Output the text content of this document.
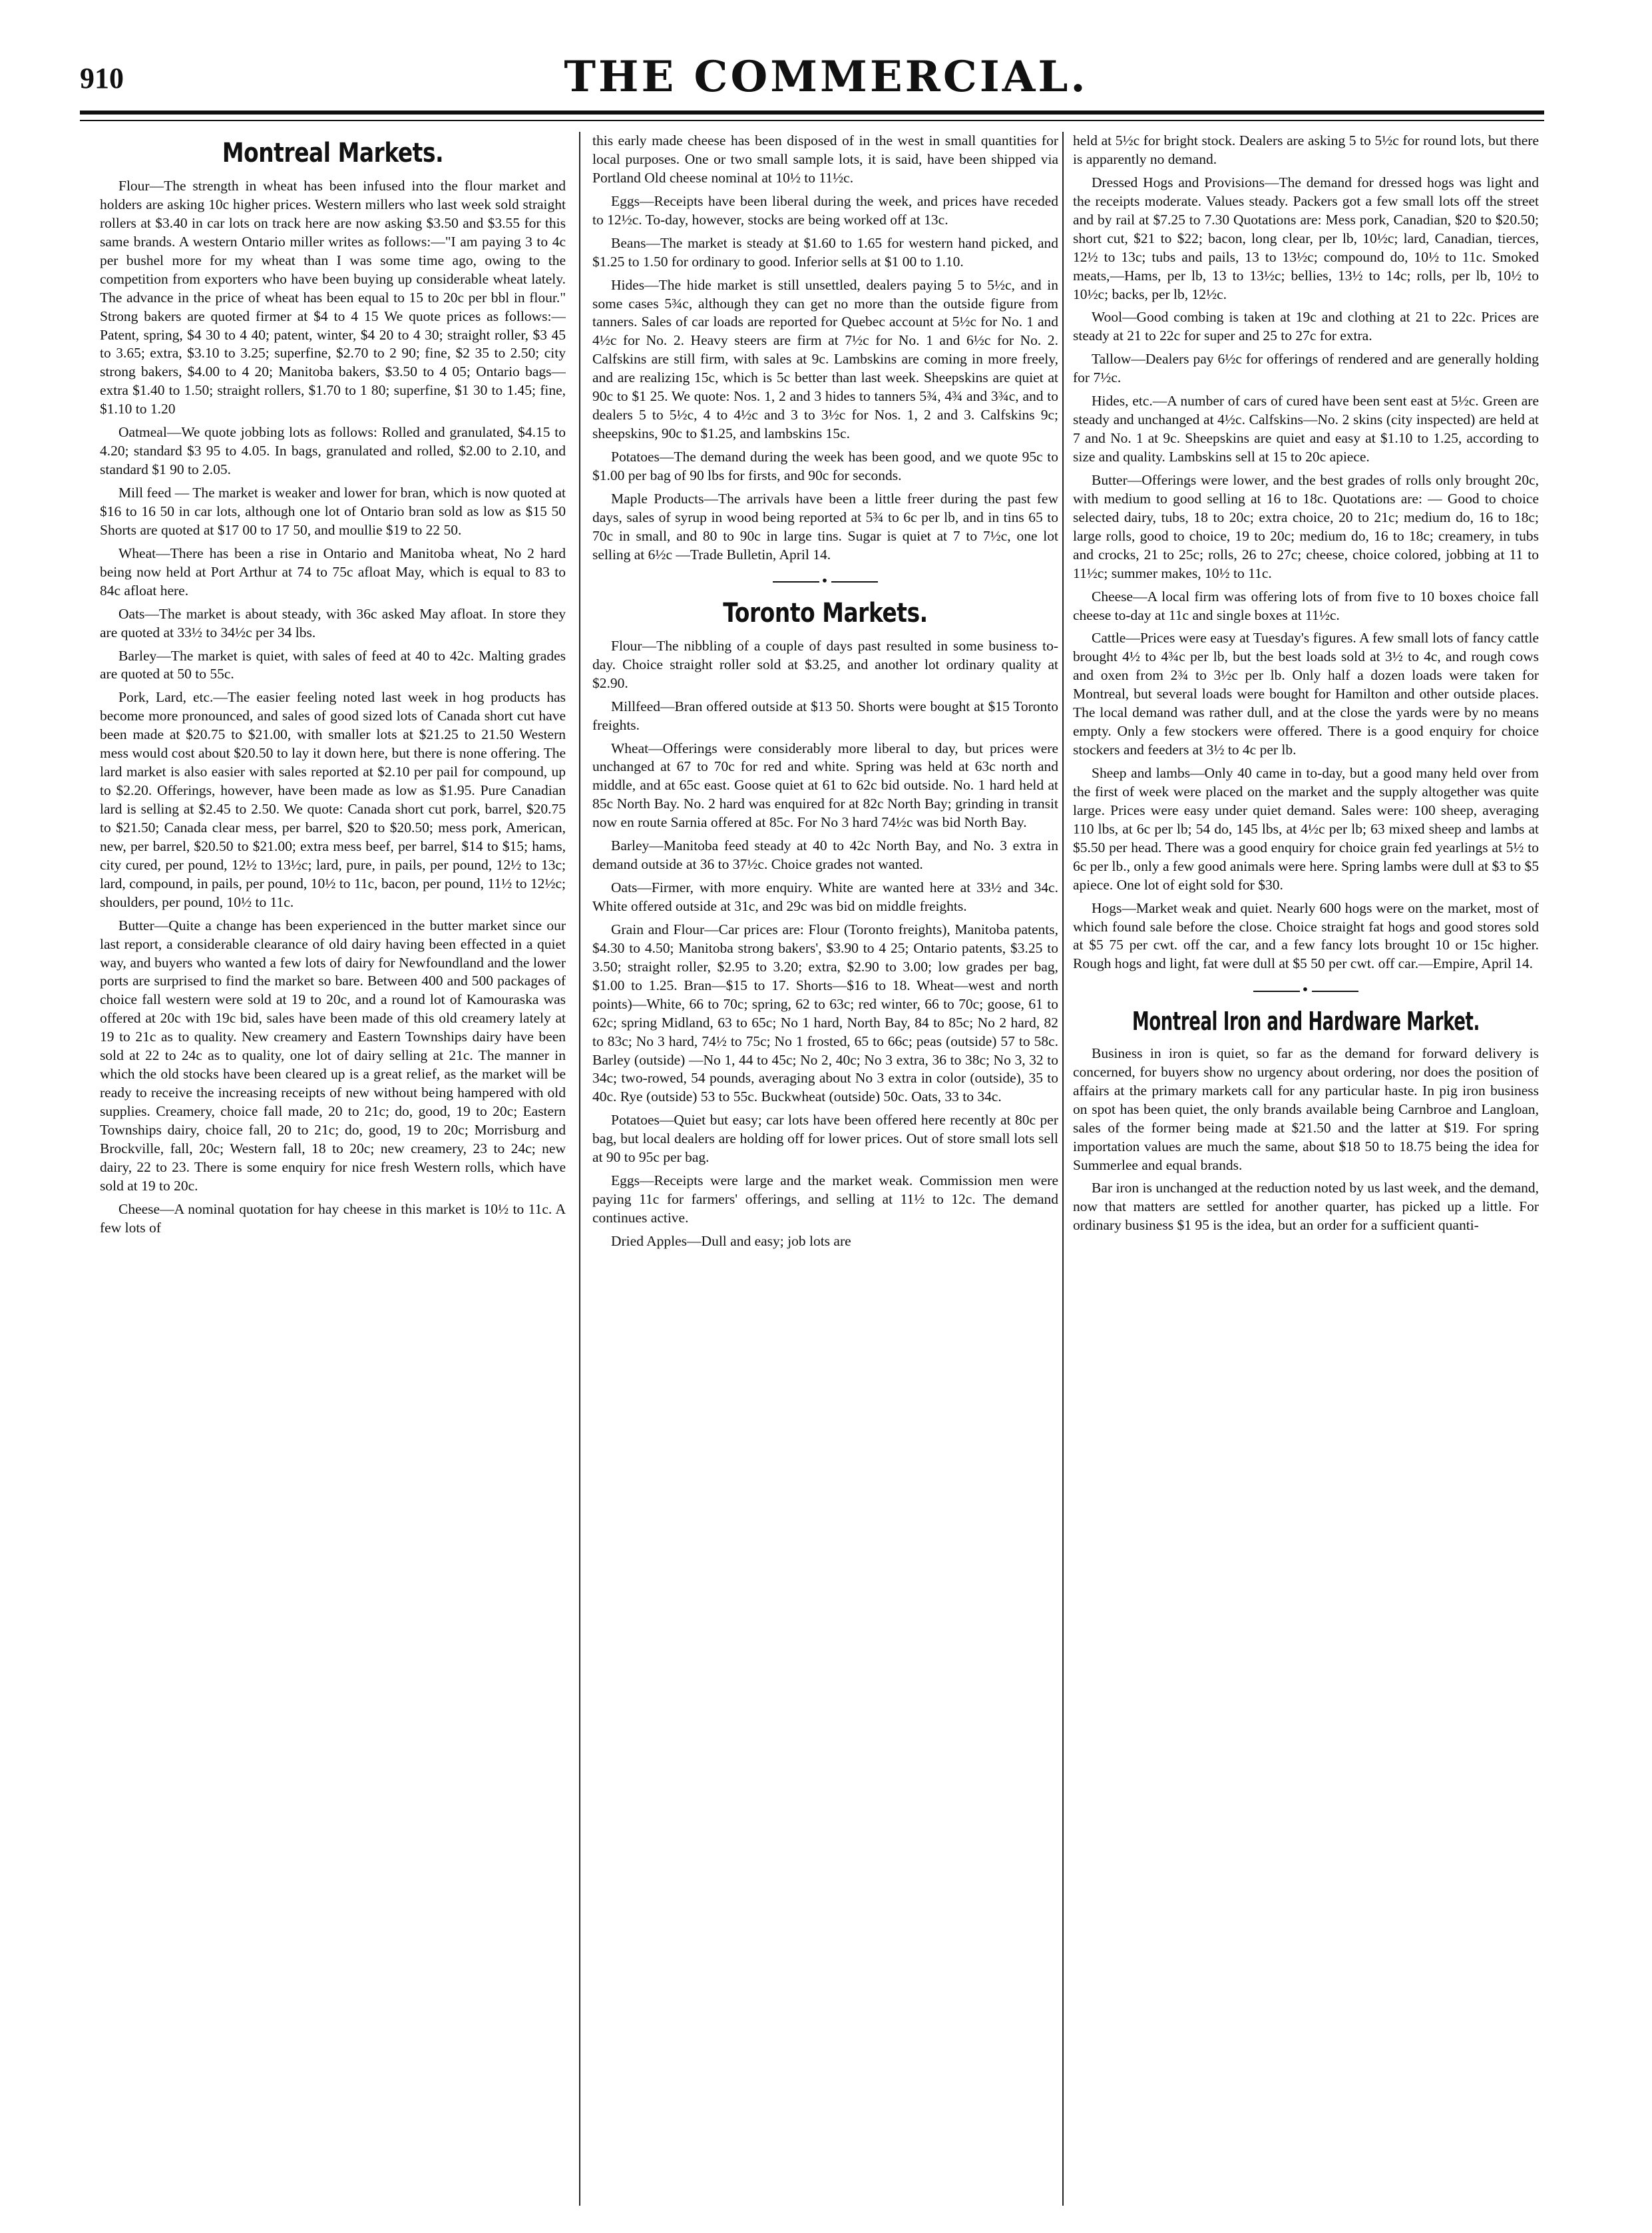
910	THE COMMERCIAL.
Montreal Markets.

Flour—The strength in wheat has been infused into the flour market and holders are asking 10c higher prices. Western millers who last week sold straight rollers at $3.40 in car lots on track here are now asking $3.50 and $3.55 for this same brands. A western Ontario miller writes as follows:—"I am paying 3 to 4c per bushel more for my wheat than I was some time ago, owing to the competition from exporters who have been buying up considerable wheat lately. The advance in the price of wheat has been equal to 15 to 20c per bbl in flour." Strong bakers are quoted firmer at $4 to 4 15 We quote prices as follows:—Patent, spring, $4 30 to 4 40; patent, winter, $4 20 to 4 30; straight roller, $3 45 to 3.65; extra, $3.10 to 3.25; superfine, $2.70 to 2 90; fine, $2 35 to 2.50; city strong bakers, $4.00 to 4 20; Manitoba bakers, $3.50 to 4 05; Ontario bags—extra $1.40 to 1.50; straight rollers, $1.70 to 1 80; superfine, $1 30 to 1.45; fine, $1.10 to 1.20

Oatmeal—We quote jobbing lots as follows: Rolled and granulated, $4.15 to 4.20; standard $3 95 to 4.05. In bags, granulated and rolled, $2.00 to 2.10, and standard $1 90 to 2.05.

Mill feed — The market is weaker and lower for bran, which is now quoted at $16 to 16 50 in car lots, although one lot of Ontario bran sold as low as $15 50 Shorts are quoted at $17 00 to 17 50, and moullie $19 to 22 50.

Wheat—There has been a rise in Ontario and Manitoba wheat, No 2 hard being now held at Port Arthur at 74 to 75c afloat May, which is equal to 83 to 84c afloat here.

Oats—The market is about steady, with 36c asked May afloat. In store they are quoted at 33½ to 34½c per 34 lbs.

Barley—The market is quiet, with sales of feed at 40 to 42c. Malting grades are quoted at 50 to 55c.

Pork, Lard, etc.—The easier feeling noted last week in hog products has become more pronounced, and sales of good sized lots of Canada short cut have been made at $20.75 to $21.00, with smaller lots at $21.25 to 21.50 Western mess would cost about $20.50 to lay it down here, but there is none offering. The lard market is also easier with sales reported at $2.10 per pail for compound, up to $2.20. Offerings, however, have been made as low as $1.95. Pure Canadian lard is selling at $2.45 to 2.50. We quote: Canada short cut pork, barrel, $20.75 to $21.50; Canada clear mess, per barrel, $20 to $20.50; mess pork, American, new, per barrel, $20.50 to $21.00; extra mess beef, per barrel, $14 to $15; hams, city cured, per pound, 12½ to 13½c; lard, pure, in pails, per pound, 12½ to 13c; lard, compound, in pails, per pound, 10½ to 11c, bacon, per pound, 11½ to 12½c; shoulders, per pound, 10½ to 11c.

Butter—Quite a change has been experienced in the butter market since our last report, a considerable clearance of old dairy having been effected in a quiet way, and buyers who wanted a few lots of dairy for Newfoundland and the lower ports are surprised to find the market so bare. Between 400 and 500 packages of choice fall western were sold at 19 to 20c, and a round lot of Kamouraska was offered at 20c with 19c bid, sales have been made of this old creamery lately at 19 to 21c as to quality. New creamery and Eastern Townships dairy have been sold at 22 to 24c as to quality, one lot of dairy selling at 21c. The manner in which the old stocks have been cleared up is a great relief, as the market will be ready to receive the increasing receipts of new without being hampered with old supplies. Creamery, choice fall made, 20 to 21c; do, good, 19 to 20c; Eastern Townships dairy, choice fall, 20 to 21c; do, good, 19 to 20c; Morrisburg and Brockville, fall, 20c; Western fall, 18 to 20c; new creamery, 23 to 24c; new dairy, 22 to 23. There is some enquiry for nice fresh Western rolls, which have sold at 19 to 20c.

Cheese—A nominal quotation for hay cheese in this market is 10½ to 11c. A few lots of

this early made cheese has been disposed of in the west in small quantities for local purposes. One or two small sample lots, it is said, have been shipped via Portland Old cheese nominal at 10½ to 11½c.

Eggs—Receipts have been liberal during the week, and prices have receded to 12½c. To-day, however, stocks are being worked off at 13c.

Beans—The market is steady at $1.60 to 1.65 for western hand picked, and $1.25 to 1.50 for ordinary to good. Inferior sells at $1 00 to 1.10.

Hides—The hide market is still unsettled, dealers paying 5 to 5½c, and in some cases 5¾c, although they can get no more than the outside figure from tanners. Sales of car loads are reported for Quebec account at 5½c for No. 1 and 4½c for No. 2. Heavy steers are firm at 7½c for No. 1 and 6½c for No. 2. Calfskins are still firm, with sales at 9c. Lambskins are coming in more freely, and are realizing 15c, which is 5c better than last week. Sheepskins are quiet at 90c to $1 25. We quote: Nos. 1, 2 and 3 hides to tanners 5¾, 4¾ and 3¾c, and to dealers 5 to 5½c, 4 to 4½c and 3 to 3½c for Nos. 1, 2 and 3. Calfskins 9c; sheepskins, 90c to $1.25, and lambskins 15c.

Potatoes—The demand during the week has been good, and we quote 95c to $1.00 per bag of 90 lbs for firsts, and 90c for seconds.

Maple Products—The arrivals have been a little freer during the past few days, sales of syrup in wood being reported at 5¾ to 6c per lb, and in tins 65 to 70c in small, and 80 to 90c in large tins. Sugar is quiet at 7 to 7½c, one lot selling at 6½c —Trade Bulletin, April 14.

•
Toronto Markets.

Flour—The nibbling of a couple of days past resulted in some business to-day. Choice straight roller sold at $3.25, and another lot ordinary quality at $2.90.

Millfeed—Bran offered outside at $13 50. Shorts were bought at $15 Toronto freights.

Wheat—Offerings were considerably more liberal to day, but prices were unchanged at 67 to 70c for red and white. Spring was held at 63c north and middle, and at 65c east. Goose quiet at 61 to 62c bid outside. No. 1 hard held at 85c North Bay. No. 2 hard was enquired for at 82c North Bay; grinding in transit now en route Sarnia offered at 85c. For No 3 hard 74½c was bid North Bay.

Barley—Manitoba feed steady at 40 to 42c North Bay, and No. 3 extra in demand outside at 36 to 37½c. Choice grades not wanted.

Oats—Firmer, with more enquiry. White are wanted here at 33½ and 34c. White offered outside at 31c, and 29c was bid on middle freights.

Grain and Flour—Car prices are: Flour (Toronto freights), Manitoba patents, $4.30 to 4.50; Manitoba strong bakers', $3.90 to 4 25; Ontario patents, $3.25 to 3.50; straight roller, $2.95 to 3.20; extra, $2.90 to 3.00; low grades per bag, $1.00 to 1.25. Bran—$15 to 17. Shorts—$16 to 18. Wheat—west and north points)—White, 66 to 70c; spring, 62 to 63c; red winter, 66 to 70c; goose, 61 to 62c; spring Midland, 63 to 65c; No 1 hard, North Bay, 84 to 85c; No 2 hard, 82 to 83c; No 3 hard, 74½ to 75c; No 1 frosted, 65 to 66c; peas (outside) 57 to 58c. Barley (outside) —No 1, 44 to 45c; No 2, 40c; No 3 extra, 36 to 38c; No 3, 32 to 34c; two-rowed, 54 pounds, averaging about No 3 extra in color (outside), 35 to 40c. Rye (outside) 53 to 55c. Buckwheat (outside) 50c. Oats, 33 to 34c.

Potatoes—Quiet but easy; car lots have been offered here recently at 80c per bag, but local dealers are holding off for lower prices. Out of store small lots sell at 90 to 95c per bag.

Eggs—Receipts were large and the market weak. Commission men were paying 11c for farmers' offerings, and selling at 11½ to 12c. The demand continues active.

Dried Apples—Dull and easy; job lots are

held at 5½c for bright stock. Dealers are asking 5 to 5½c for round lots, but there is apparently no demand.

Dressed Hogs and Provisions—The demand for dressed hogs was light and the receipts moderate. Values steady. Packers got a few small lots off the street and by rail at $7.25 to 7.30 Quotations are: Mess pork, Canadian, $20 to $20.50; short cut, $21 to $22; bacon, long clear, per lb, 10½c; lard, Canadian, tierces, 12½ to 13c; tubs and pails, 13 to 13½c; compound do, 10½ to 11c. Smoked meats,—Hams, per lb, 13 to 13½c; bellies, 13½ to 14c; rolls, per lb, 10½ to 10½c; backs, per lb, 12½c.

Wool—Good combing is taken at 19c and clothing at 21 to 22c. Prices are steady at 21 to 22c for super and 25 to 27c for extra.

Tallow—Dealers pay 6½c for offerings of rendered and are generally holding for 7½c.

Hides, etc.—A number of cars of cured have been sent east at 5½c. Green are steady and unchanged at 4½c. Calfskins—No. 2 skins (city inspected) are held at 7 and No. 1 at 9c. Sheepskins are quiet and easy at $1.10 to 1.25, according to size and quality. Lambskins sell at 15 to 20c apiece.

Butter—Offerings were lower, and the best grades of rolls only brought 20c, with medium to good selling at 16 to 18c. Quotations are: — Good to choice selected dairy, tubs, 18 to 20c; extra choice, 20 to 21c; medium do, 16 to 18c; large rolls, good to choice, 19 to 20c; medium do, 16 to 18c; creamery, in tubs and crocks, 21 to 25c; rolls, 26 to 27c; cheese, choice colored, jobbing at 11 to 11½c; summer makes, 10½ to 11c.

Cheese—A local firm was offering lots of from five to 10 boxes choice fall cheese to-day at 11c and single boxes at 11½c.

Cattle—Prices were easy at Tuesday's figures. A few small lots of fancy cattle brought 4½ to 4¾c per lb, but the best loads sold at 3½ to 4c, and rough cows and oxen from 2¾ to 3½c per lb. Only half a dozen loads were taken for Montreal, but several loads were bought for Hamilton and other outside places. The local demand was rather dull, and at the close the yards were by no means empty. Only a few stockers were offered. There is a good enquiry for choice stockers and feeders at 3½ to 4c per lb.

Sheep and lambs—Only 40 came in to-day, but a good many held over from the first of week were placed on the market and the supply altogether was quite large. Prices were easy under quiet demand. Sales were: 100 sheep, averaging 110 lbs, at 6c per lb; 54 do, 145 lbs, at 4½c per lb; 63 mixed sheep and lambs at $5.50 per head. There was a good enquiry for choice grain fed yearlings at 5½ to 6c per lb., only a few good animals were here. Spring lambs were dull at $3 to $5 apiece. One lot of eight sold for $30.

Hogs—Market weak and quiet. Nearly 600 hogs were on the market, most of which found sale before the close. Choice straight fat hogs and good stores sold at $5 75 per cwt. off the car, and a few fancy lots brought 10 or 15c higher. Rough hogs and light, fat were dull at $5 50 per cwt. off car.—Empire, April 14.

•
Montreal Iron and Hardware Market.

Business in iron is quiet, so far as the demand for forward delivery is concerned, for buyers show no urgency about ordering, nor does the position of affairs at the primary markets call for any particular haste. In pig iron business on spot has been quiet, the only brands available being Carnbroe and Langloan, sales of the former being made at $21.50 and the latter at $19. For spring importation values are much the same, about $18 50 to 18.75 being the idea for Summerlee and equal brands.

Bar iron is unchanged at the reduction noted by us last week, and the demand, now that matters are settled for another quarter, has picked up a little. For ordinary business $1 95 is the idea, but an order for a sufficient quanti-
